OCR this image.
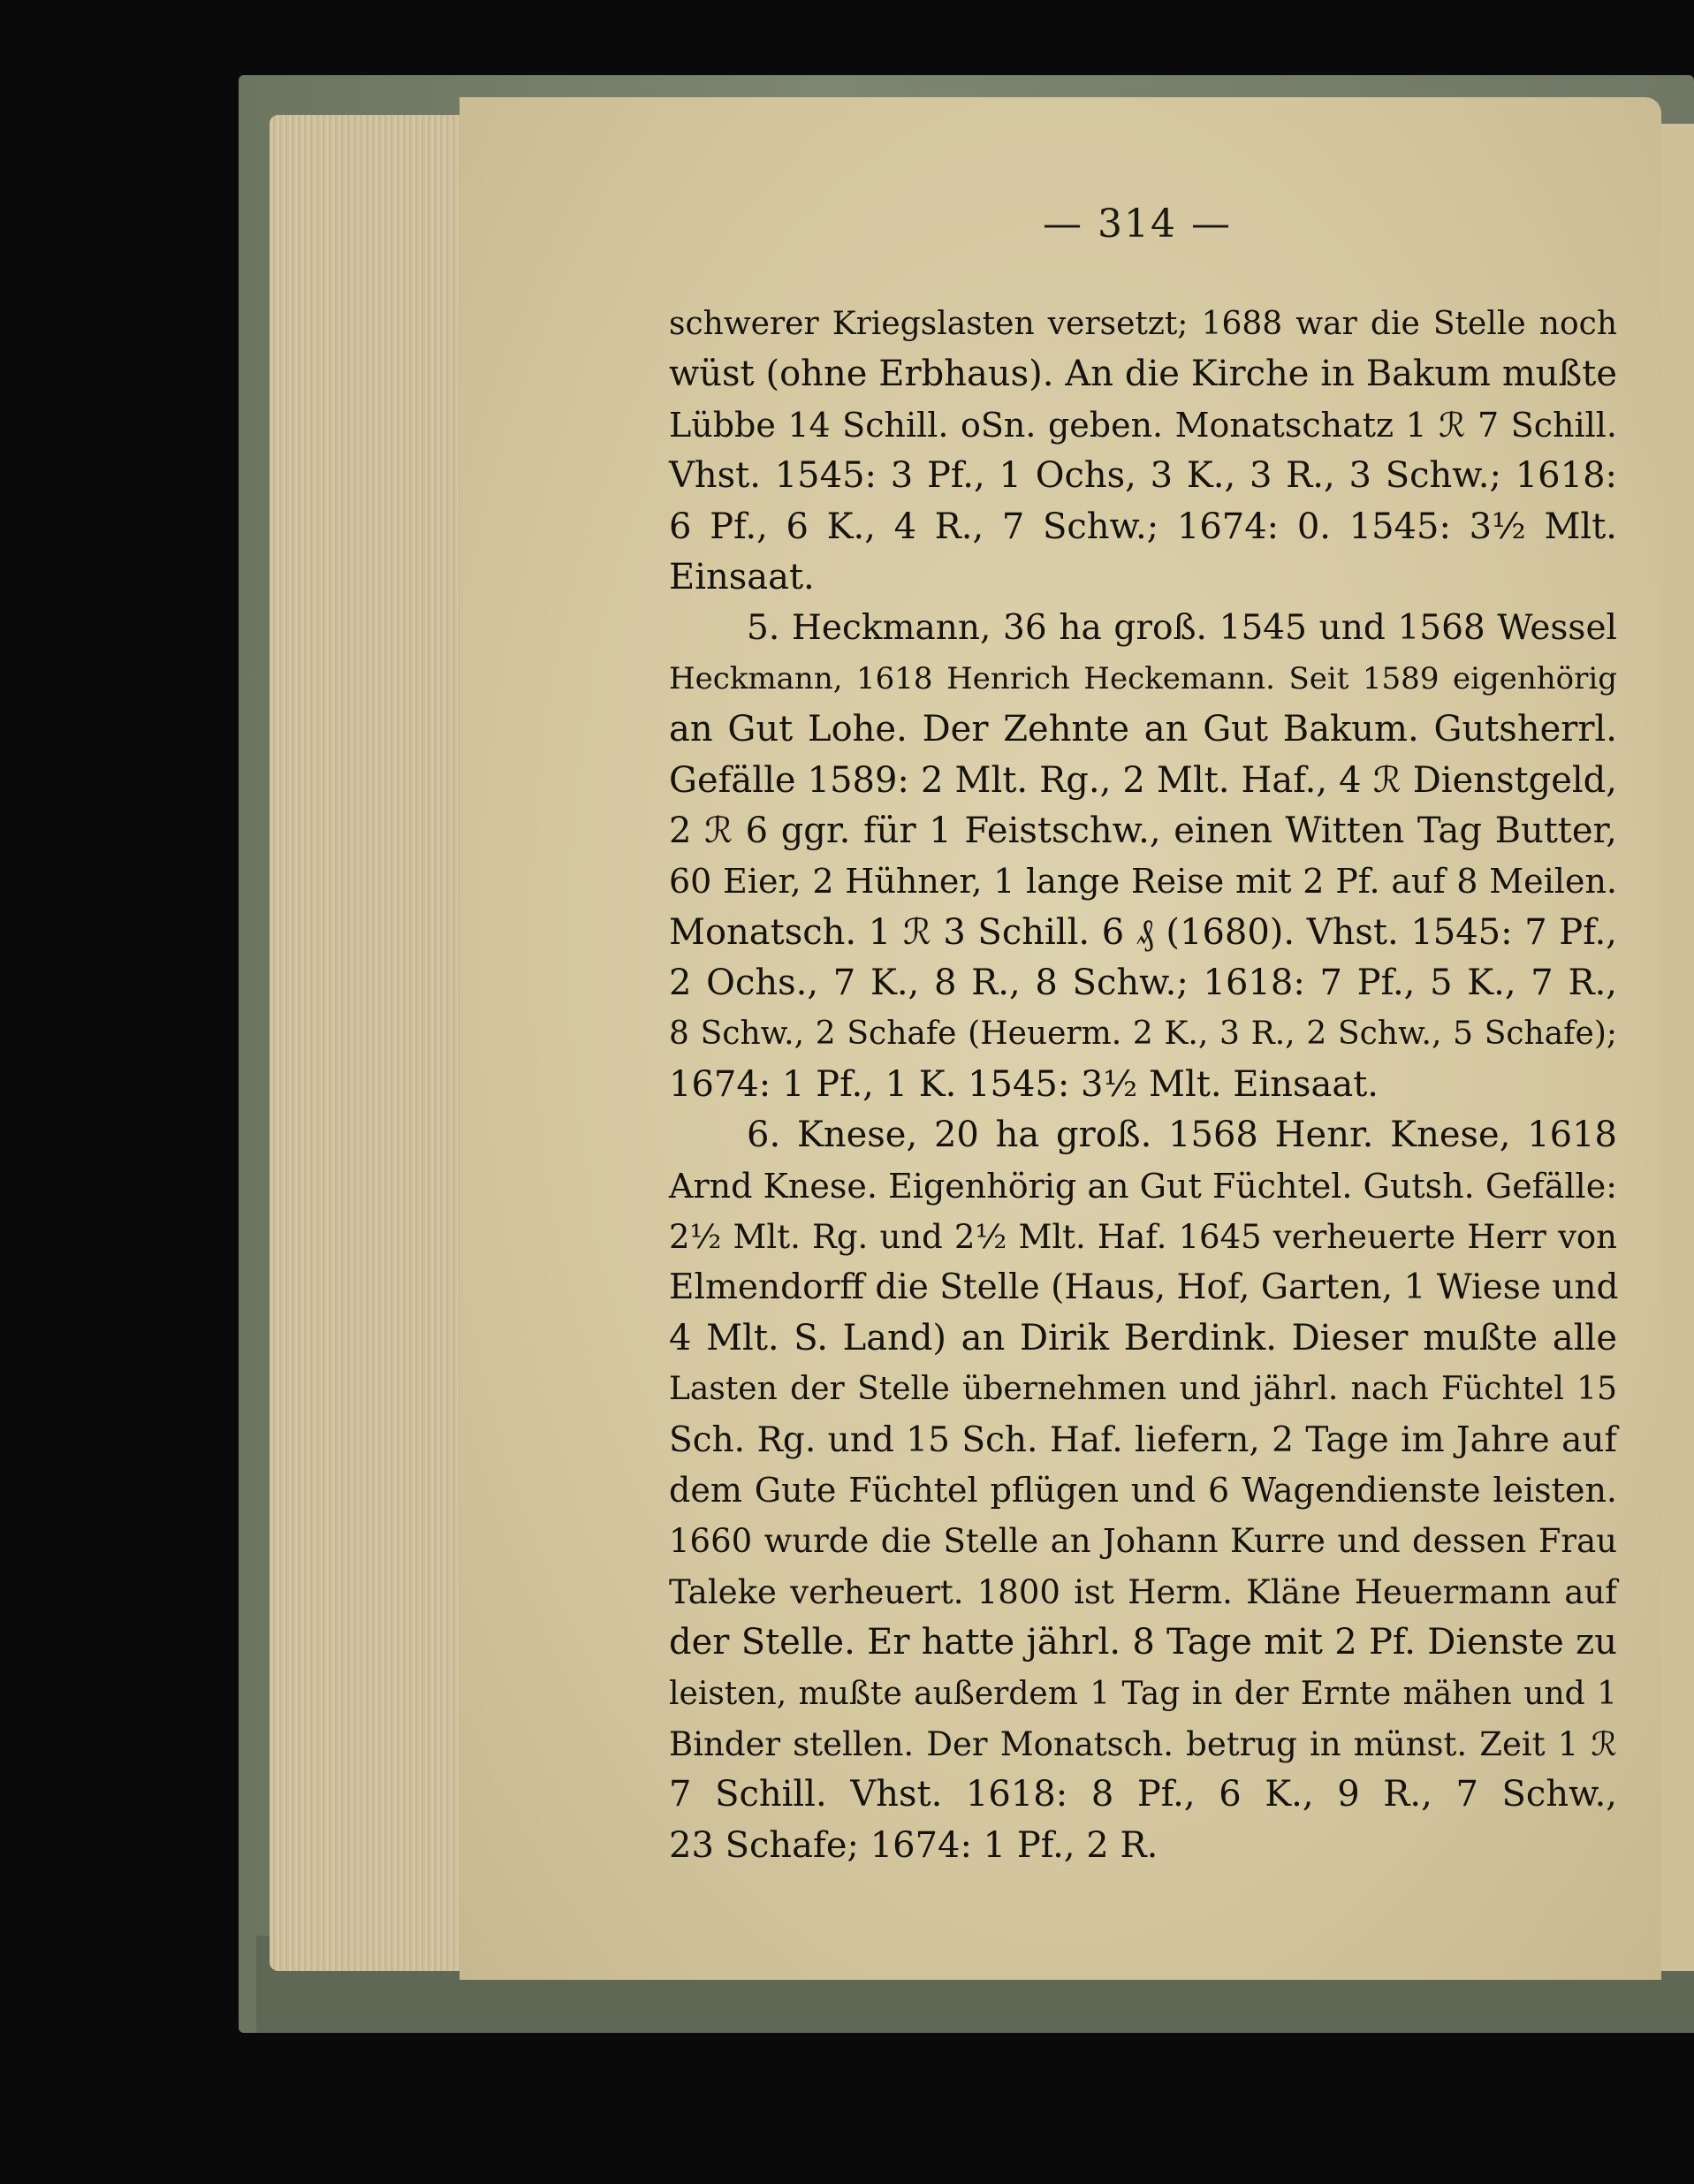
— 314 —
schwerer Kriegslasten versetzt; 1688 war die Stelle noch
wüst (ohne Erbhaus). An die Kirche in Bakum mußte
Lübbe 14 Schill. oSn. geben. Monatschatz 1 ℛ 7 Schill.
Vhst. 1545: 3 Pf., 1 Ochs, 3 K., 3 R., 3 Schw.; 1618:
6 Pf., 6 K., 4 R., 7 Schw.; 1674: 0. 1545: 3½ Mlt.
Einsaat.
5. Heckmann, 36 ha groß. 1545 und 1568 Wessel
Heckmann, 1618 Henrich Heckemann. Seit 1589 eigenhörig
an Gut Lohe. Der Zehnte an Gut Bakum. Gutsherrl.
Gefälle 1589: 2 Mlt. Rg., 2 Mlt. Haf., 4 ℛ Dienstgeld,
2 ℛ 6 ggr. für 1 Feistschw., einen Witten Tag Butter,
60 Eier, 2 Hühner, 1 lange Reise mit 2 Pf. auf 8 Meilen.
Monatsch. 1 ℛ 3 Schill. 6 ₰ (1680). Vhst. 1545: 7 Pf.,
2 Ochs., 7 K., 8 R., 8 Schw.; 1618: 7 Pf., 5 K., 7 R.,
8 Schw., 2 Schafe (Heuerm. 2 K., 3 R., 2 Schw., 5 Schafe);
1674: 1 Pf., 1 K. 1545: 3½ Mlt. Einsaat.
6. Knese, 20 ha groß. 1568 Henr. Knese, 1618
Arnd Knese. Eigenhörig an Gut Füchtel. Gutsh. Gefälle:
2½ Mlt. Rg. und 2½ Mlt. Haf. 1645 verheuerte Herr von
Elmendorff die Stelle (Haus, Hof, Garten, 1 Wiese und
4 Mlt. S. Land) an Dirik Berdink. Dieser mußte alle
Lasten der Stelle übernehmen und jährl. nach Füchtel 15
Sch. Rg. und 15 Sch. Haf. liefern, 2 Tage im Jahre auf
dem Gute Füchtel pflügen und 6 Wagendienste leisten.
1660 wurde die Stelle an Johann Kurre und dessen Frau
Taleke verheuert. 1800 ist Herm. Kläne Heuermann auf
der Stelle. Er hatte jährl. 8 Tage mit 2 Pf. Dienste zu
leisten, mußte außerdem 1 Tag in der Ernte mähen und 1
Binder stellen. Der Monatsch. betrug in münst. Zeit 1 ℛ
7 Schill. Vhst. 1618: 8 Pf., 6 K., 9 R., 7 Schw.,
23 Schafe; 1674: 1 Pf., 2 R.
